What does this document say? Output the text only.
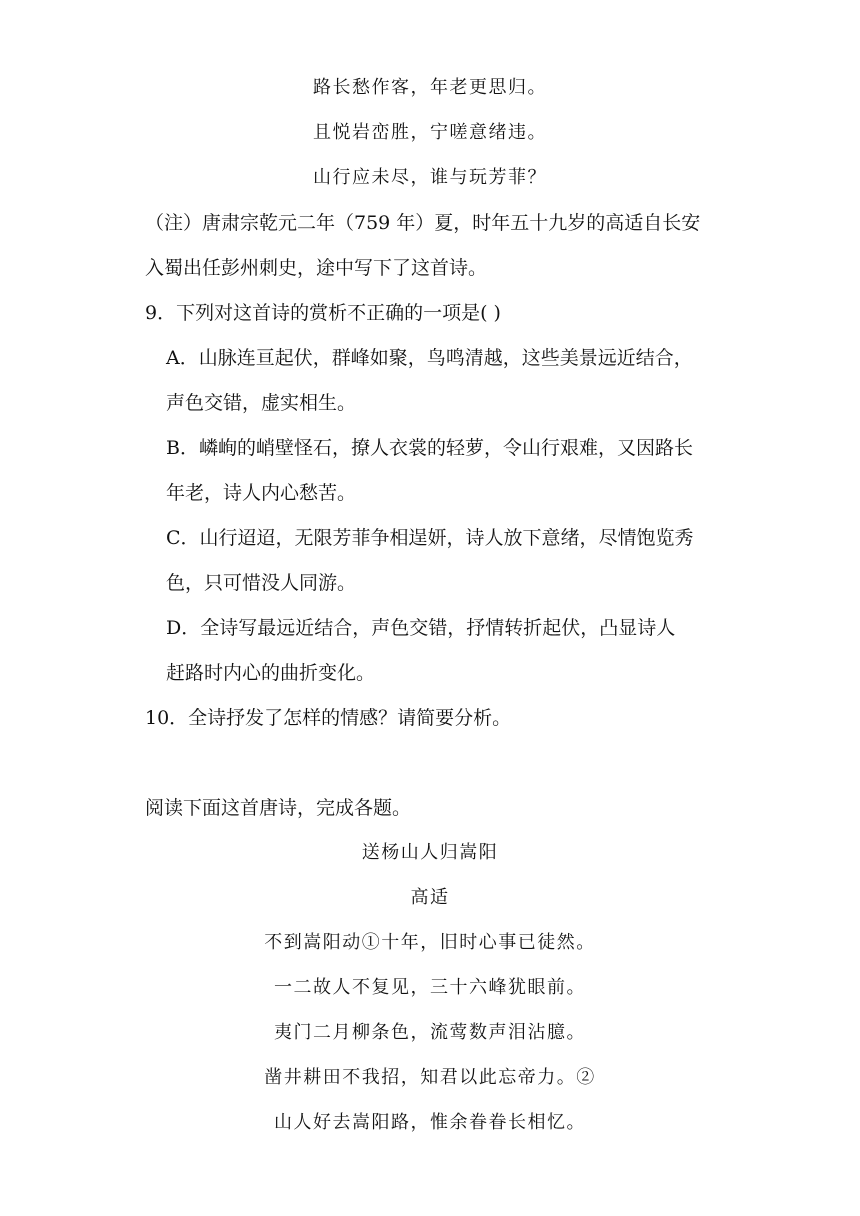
路长愁作客，年老更思归。
且悦岩峦胜，宁嗟意绪违。
山行应未尽，谁与玩芳菲？
（注）唐肃宗乾元二年（759 年）夏，时年五十九岁的高适自长安
入蜀出任彭州刺史，途中写下了这首诗。
9．下列对这首诗的赏析不正确的一项是( )
A．山脉连亘起伏，群峰如聚，鸟鸣清越，这些美景远近结合，
声色交错，虚实相生。
B．嶙峋的峭壁怪石，撩人衣裳的轻萝，令山行艰难，又因路长
年老，诗人内心愁苦。
C．山行迢迢，无限芳菲争相逞妍，诗人放下意绪，尽情饱览秀
色，只可惜没人同游。
D．全诗写最远近结合，声色交错，抒情转折起伏，凸显诗人
赶路时内心的曲折变化。
10．全诗抒发了怎样的情感？请简要分析。
阅读下面这首唐诗，完成各题。
送杨山人归嵩阳
高适
不到嵩阳动①十年，旧时心事已徒然。
一二故人不复见，三十六峰犹眼前。
夷门二月柳条色，流莺数声泪沾臆。
凿井耕田不我招，知君以此忘帝力。②
山人好去嵩阳路，惟余眷眷长相忆。
